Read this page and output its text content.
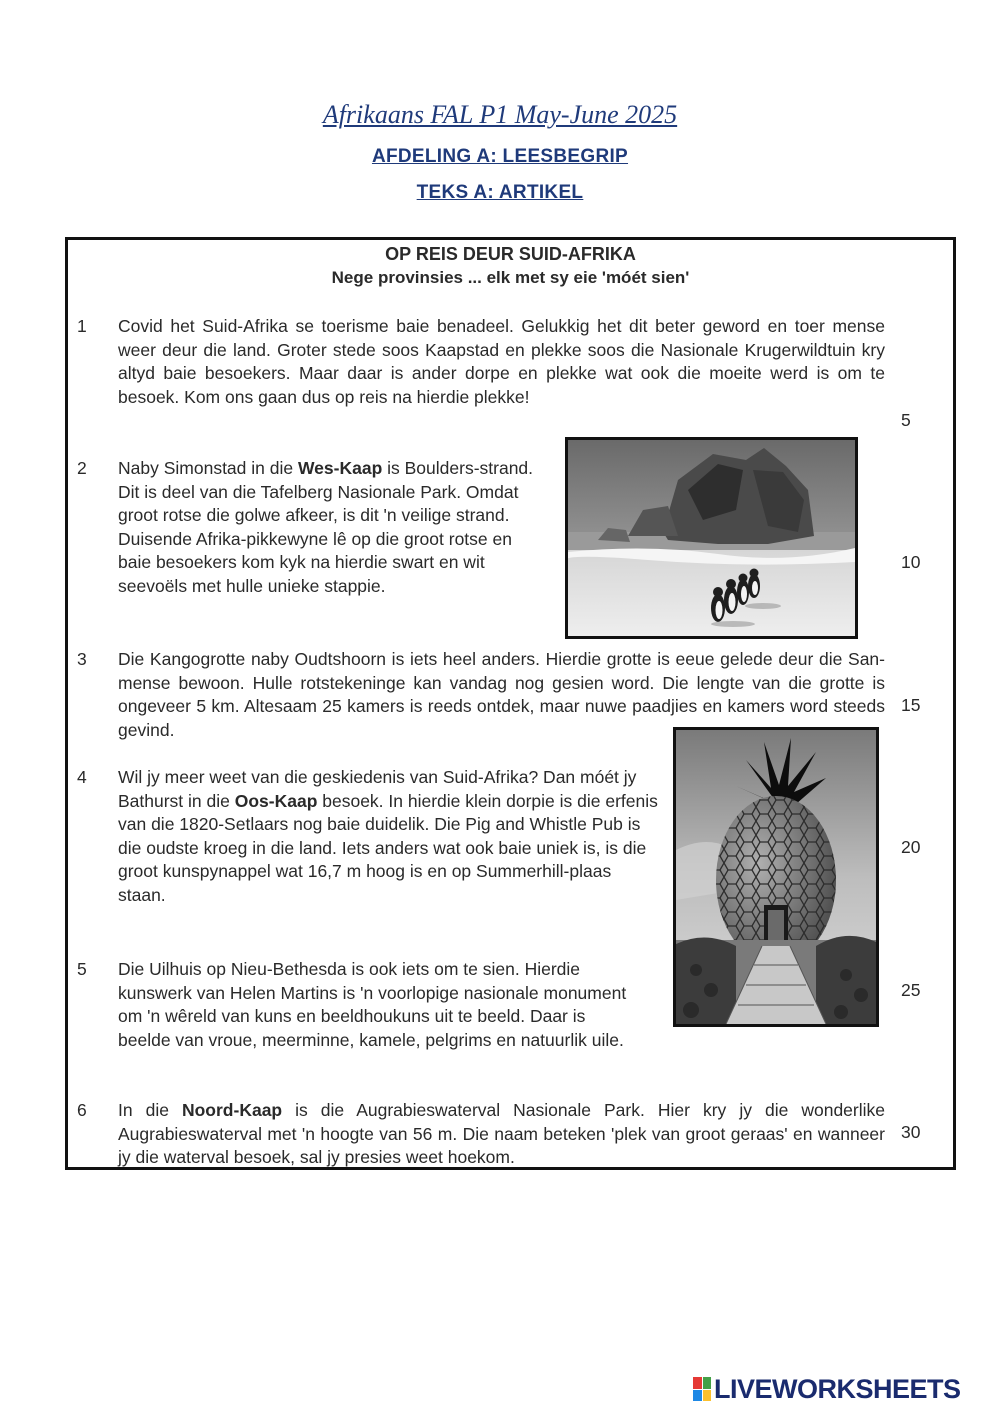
Afrikaans FAL P1 May-June 2025
AFDELING A: LEESBEGRIP
TEKS A: ARTIKEL
OP REIS DEUR SUID-AFRIKA
Nege provinsies ... elk met sy eie 'móét sien'
1 Covid het Suid-Afrika se toerisme baie benadeel. Gelukkig het dit beter geword en toer mense weer deur die land. Groter stede soos Kaapstad en plekke soos die Nasionale Krugerwildtuin kry altyd baie besoekers. Maar daar is ander dorpe en plekke wat ook die moeite werd is om te besoek. Kom ons gaan dus op reis na hierdie plekke!

2 Naby Simonstad in die Wes-Kaap is Boulders-strand. Dit is deel van die Tafelberg Nasionale Park. Omdat groot rotse die golwe afkeer, is dit 'n veilige strand. Duisende Afrika-pikkewyne lê op die groot rotse en baie besoekers kom kyk na hierdie swart en wit seevoëls met hulle unieke stappie.

3 Die Kangogrotte naby Oudtshoorn is iets heel anders. Hierdie grotte is eeue gelede deur die San-mense bewoon. Hulle rotstekeninge kan vandag nog gesien word. Die lengte van die grotte is ongeveer 5 km. Altesaam 25 kamers is reeds ontdek, maar nuwe paadjies en kamers word steeds gevind.

4 Wil jy meer weet van die geskiedenis van Suid-Afrika? Dan móét jy Bathurst in die Oos-Kaap besoek. In hierdie klein dorpie is die erfenis van die 1820-Setlaars nog baie duidelik. Die Pig and Whistle Pub is die oudste kroeg in die land. Iets anders wat ook baie uniek is, is die groot kunspynappel wat 16,7 m hoog is en op Summerhill-plaas staan.

5 Die Uilhuis op Nieu-Bethesda is ook iets om te sien. Hierdie kunswerk van Helen Martins is 'n voorlopige nasionale monument om 'n wêreld van kuns en beeldhoukuns uit te beeld. Daar is beelde van vroue, meerminne, kamele, pelgrims en natuurlik uile.

6 In die Noord-Kaap is die Augrabieswaterval Nasionale Park. Hier kry jy die wonderlike Augrabieswaterval met 'n hoogte van 56 m. Die naam beteken 'plek van groot geraas' en wanneer jy die waterval besoek, sal jy presies weet hoekom.

5
10
15
20
25
30
LIVEWORKSHEETS
